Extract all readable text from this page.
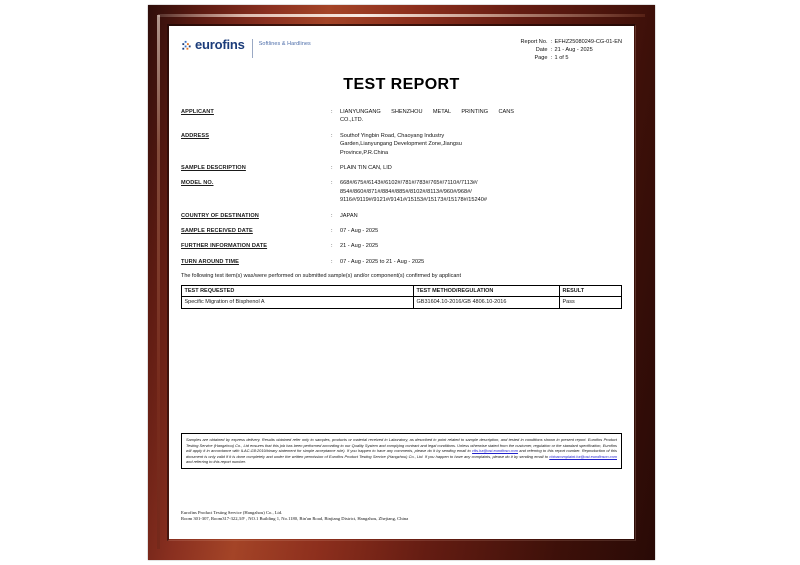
eurofins	Softlines & Hardlines	Report No. : EFHZ25080249-CG-01-EN
Date : 21 - Aug - 2025
Page : 1 of 5
TEST REPORT
APPLICANT	:	LIANYUNGANG SHENZHOU METAL PRINTING CANS
CO.,LTD.
ADDRESS	:	Southof Yingbin Road, Chaoyang Industry
Garden,Lianyungang Development Zone,Jiangsu
Province,P.R.China
SAMPLE DESCRIPTION	:	PLAIN TIN CAN, LID
MODEL NO.	:	668#/675#/6143#/6102#/781#/783#/765#/7110#/7113#/
854#/860#/871#/884#/885#/8102#/8113#/960#/968#/
9116#/9119#/9121#/9141#/15153#/15173#/15178#/15240#
COUNTRY OF DESTINATION	:	JAPAN
SAMPLE RECEIVED DATE	:	07 - Aug - 2025
FURTHER INFORMATION DATE	:	21 - Aug - 2025
TURN AROUND TIME	:	07 - Aug - 2025 to 21 - Aug - 2025
The following test item(s) was/were performed on submitted sample(s) and/or component(s) confirmed by applicant
TEST REQUESTED	TEST METHOD/REGULATION	RESULT
Specific Migration of Bisphenol A	GB31604.10-2016/GB 4806.10-2016	Pass
Samples are obtained by express delivery. Results obtained refer only to samples, products or material received in Laboratory, as described in point related to sample description, and tested in conditions shown in present report. Eurofins Product Testing Service (Hangzhou) Co., Ltd ensures that this job has been performed according to our Quality System and complying contract and legal conditions. Unless otherwise stated from the customer, regulation or the standard specification, Eurofins will apply it in accordance with ILAC-G8:2019/binary statement for simple acceptance rule). If you happen to have any comments, please do it by sending email to cfts.hz@ost.eurofinsn.com and referring to this report number. Reproduction of this document is only valid if it is done completely and under the written permission of Eurofins Product Testing Service (Hangzhou) Co., Ltd. If you happen to have any complaints, please do it by sending email to chinacomplaint.hz@ost.eurofinscn.com and referring to this report number.
Eurofins Product Testing Service (Hangzhou) Co., Ltd.
Room 301-307, Room317-322,3/F , NO.1 Building 1, No.1180, Bin'an Road, Binjiang District, Hangzhou, Zhejiang, China
